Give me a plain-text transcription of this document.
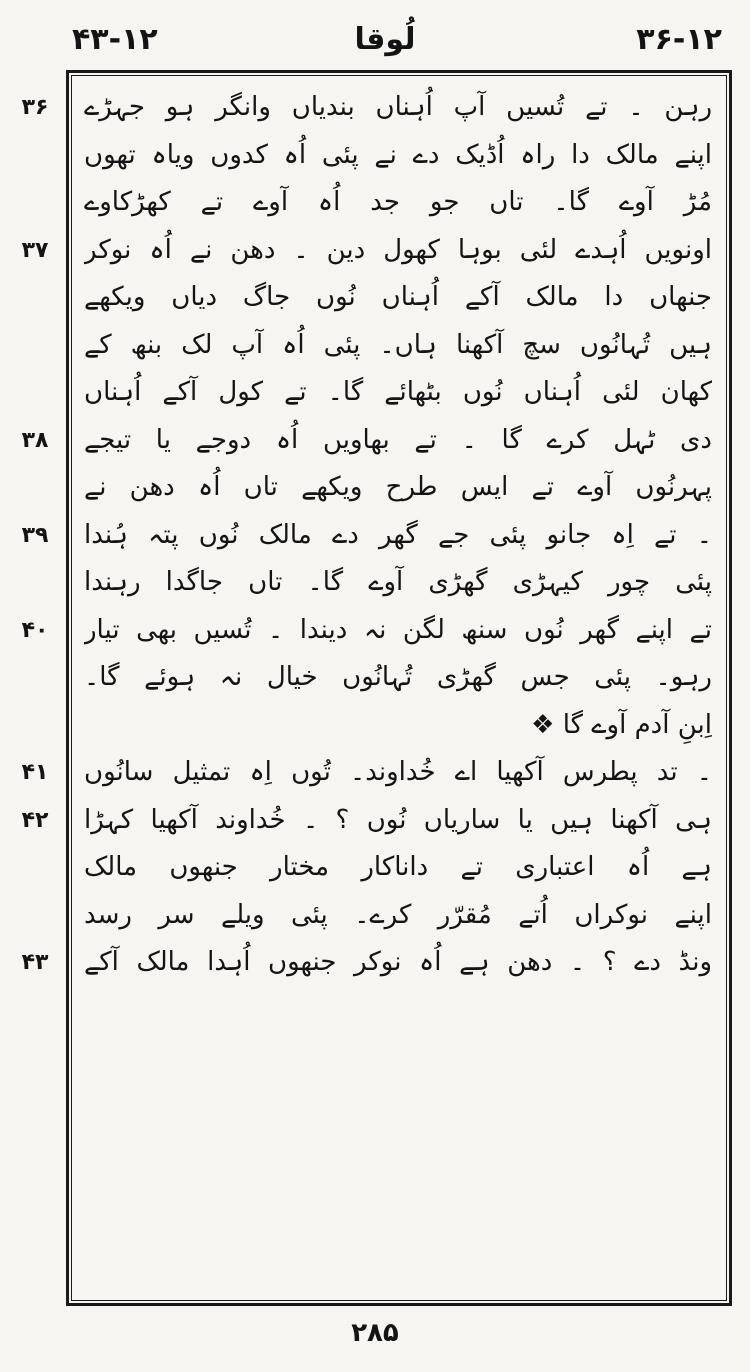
۴۳-۱۲	لُوقا	۳۶-۱۲
۳۶
۳۷
۳۸
۳۹
۴۰
۴۱
۴۲
۴۳
رہن ۔ تے تُسیں آپ اُہناں بندیاں وانگر ہو جہڑے
اپنے مالک دا راہ اُڈیک دے نے پئی اُہ کدوں ویاہ تھوں
مُڑ آوے گا۔ تاں جو جد اُہ آوے تے کھڑکاوے
اونویں اُہدے لئی بوہا کھول دین ۔ دھن نے اُہ نوکر
جنھاں دا مالک آکے اُہناں نُوں جاگ دیاں ویکھے
ہیں تُہانُوں سچ آکھنا ہاں۔ پئی اُہ آپ لک بنھ کے
کھان لئی اُہناں نُوں بٹھائے گا۔ تے کول آکے اُہناں
دی ٹہل کرے گا ۔ تے بھاویں اُہ دوجے یا تیجے
پہرنُوں آوے تے ایس طرح ویکھے تاں اُہ دھن نے
۔ تے اِہ جانو پئی جے گھر دے مالک نُوں پتہ ہُندا
پئی چور کیہڑی گھڑی آوے گا۔ تاں جاگدا رہندا
تے اپنے گھر نُوں سنھ لگن نہ دیندا ۔ تُسیں بھی تیار
رہو۔ پئی جس گھڑی تُہانُوں خیال نہ ہوئے گا۔
اِبنِ آدم آوے گا ❖
۔ تد پطرس آکھیا اے خُداوند۔ تُوں اِہ تمثیل سانُوں
ہی آکھنا ہیں یا ساریاں نُوں ؟ ۔ خُداوند آکھیا کہڑا
ہے اُہ اعتباری تے داناکار مختار جنھوں مالک
اپنے نوکراں اُتے مُقرّر کرے۔ پئی ویلے سر رسد
ونڈ دے ؟ ۔ دھن ہے اُہ نوکر جنھوں اُہدا مالک آکے
۲۸۵
